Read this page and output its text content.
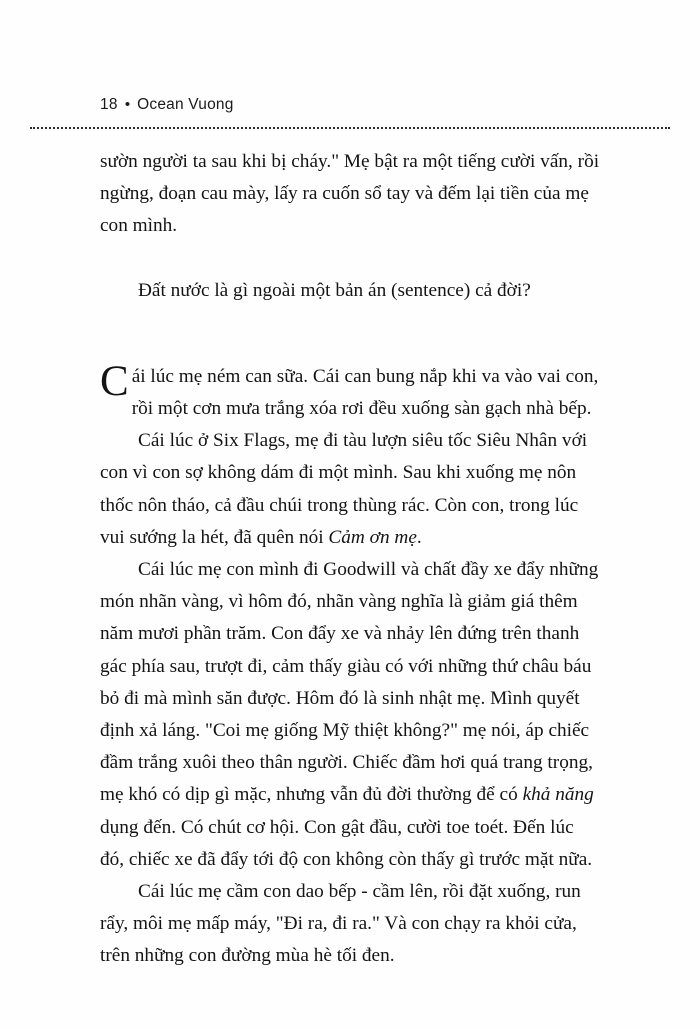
18 • Ocean Vuong

sườn người ta sau khi bị cháy." Mẹ bật ra một tiếng cười vấn, rồi ngừng, đoạn cau mày, lấy ra cuốn sổ tay và đếm lại tiền của mẹ con mình.

Đất nước là gì ngoài một bản án (sentence) cả đời?

Cái lúc mẹ ném can sữa. Cái can bung nắp khi va vào vai con, rồi một cơn mưa trắng xóa rơi đều xuống sàn gạch nhà bếp.

Cái lúc ở Six Flags, mẹ đi tàu lượn siêu tốc Siêu Nhân với con vì con sợ không dám đi một mình. Sau khi xuống mẹ nôn thốc nôn tháo, cả đầu chúi trong thùng rác. Còn con, trong lúc vui sướng la hét, đã quên nói Cảm ơn mẹ.

Cái lúc mẹ con mình đi Goodwill và chất đầy xe đẩy những món nhãn vàng, vì hôm đó, nhãn vàng nghĩa là giảm giá thêm năm mươi phần trăm. Con đẩy xe và nhảy lên đứng trên thanh gác phía sau, trượt đi, cảm thấy giàu có với những thứ châu báu bỏ đi mà mình săn được. Hôm đó là sinh nhật mẹ. Mình quyết định xả láng. "Coi mẹ giống Mỹ thiệt không?" mẹ nói, áp chiếc đầm trắng xuôi theo thân người. Chiếc đầm hơi quá trang trọng, mẹ khó có dịp gì mặc, nhưng vẫn đủ đời thường để có khả năng dụng đến. Có chút cơ hội. Con gật đầu, cười toe toét. Đến lúc đó, chiếc xe đã đẩy tới độ con không còn thấy gì trước mặt nữa.

Cái lúc mẹ cầm con dao bếp - cầm lên, rồi đặt xuống, run rẩy, môi mẹ mấp máy, "Đi ra, đi ra." Và con chạy ra khỏi cửa, trên những con đường mùa hè tối đen.
